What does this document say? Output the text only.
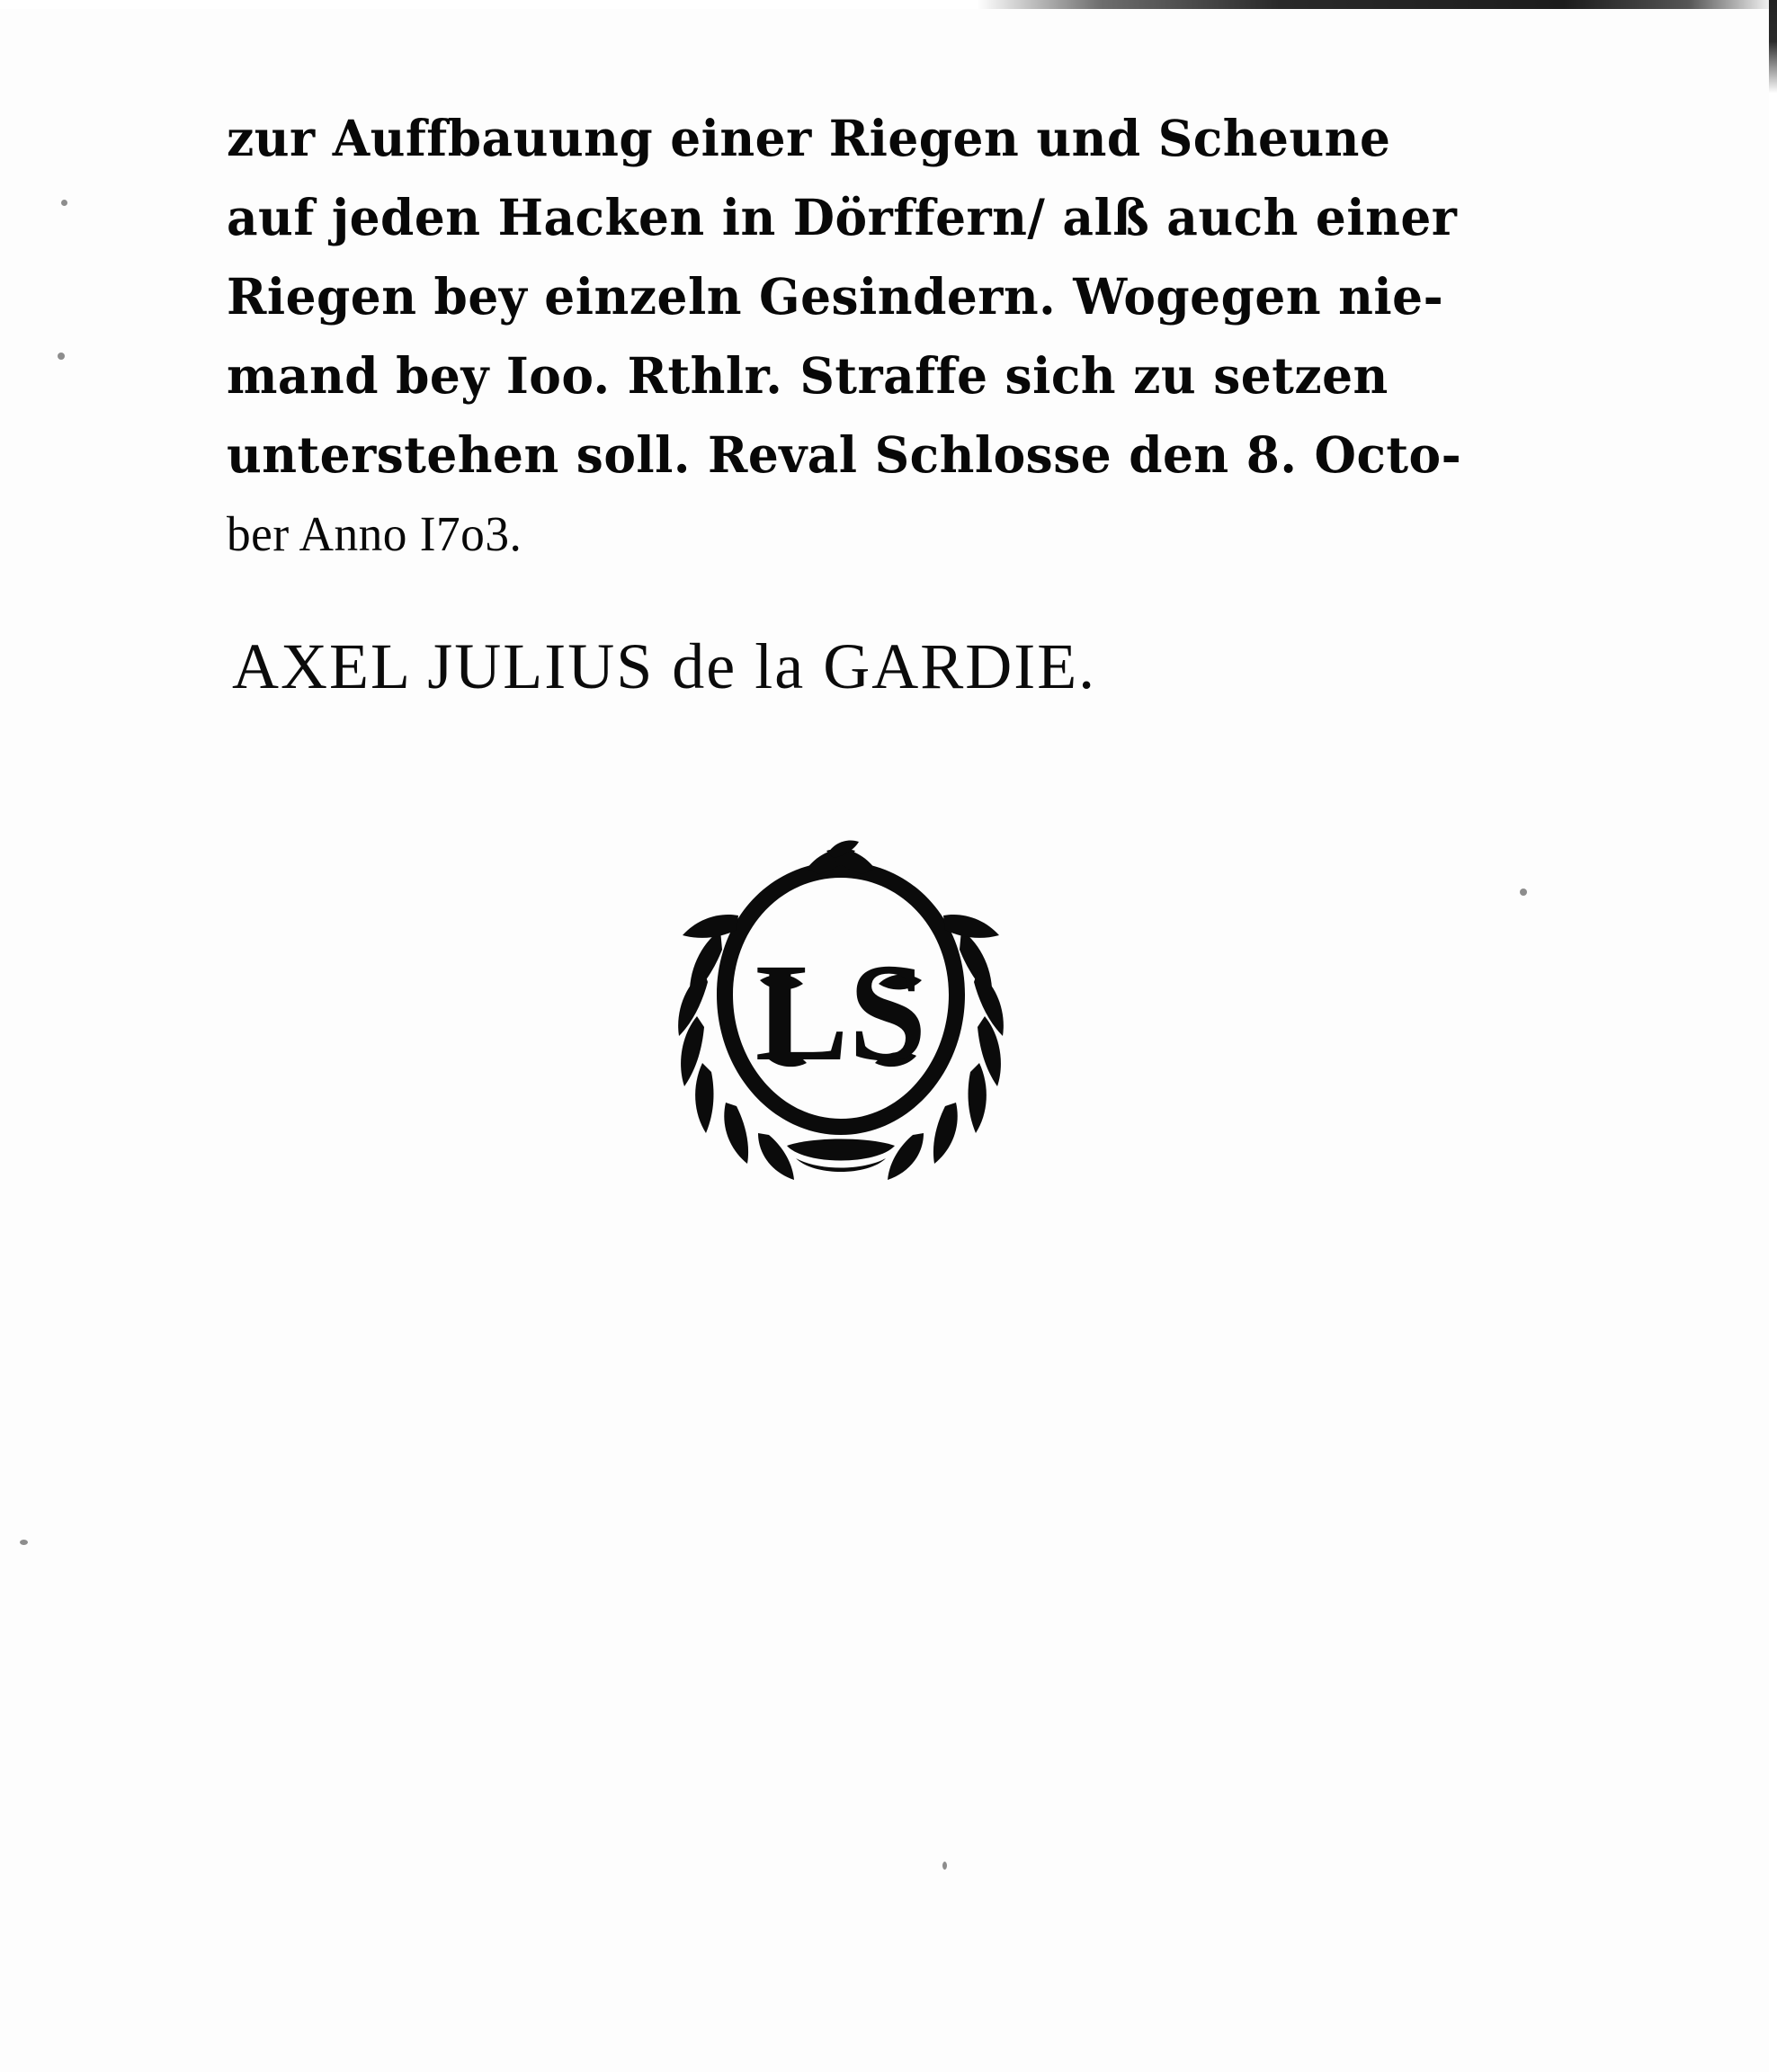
zur Auffbauung einer Riegen und Scheune
auf jeden Hacken in Dörffern/ alß auch einer
Riegen bey einzeln Gesindern. Wogegen nie-
mand bey Ioo. Rthlr. Straffe sich zu setzen
unterstehen soll. Reval Schlosse den 8. Octo-
ber Anno I7o3.
AXEL JULIUS de la GARDIE.
LS
